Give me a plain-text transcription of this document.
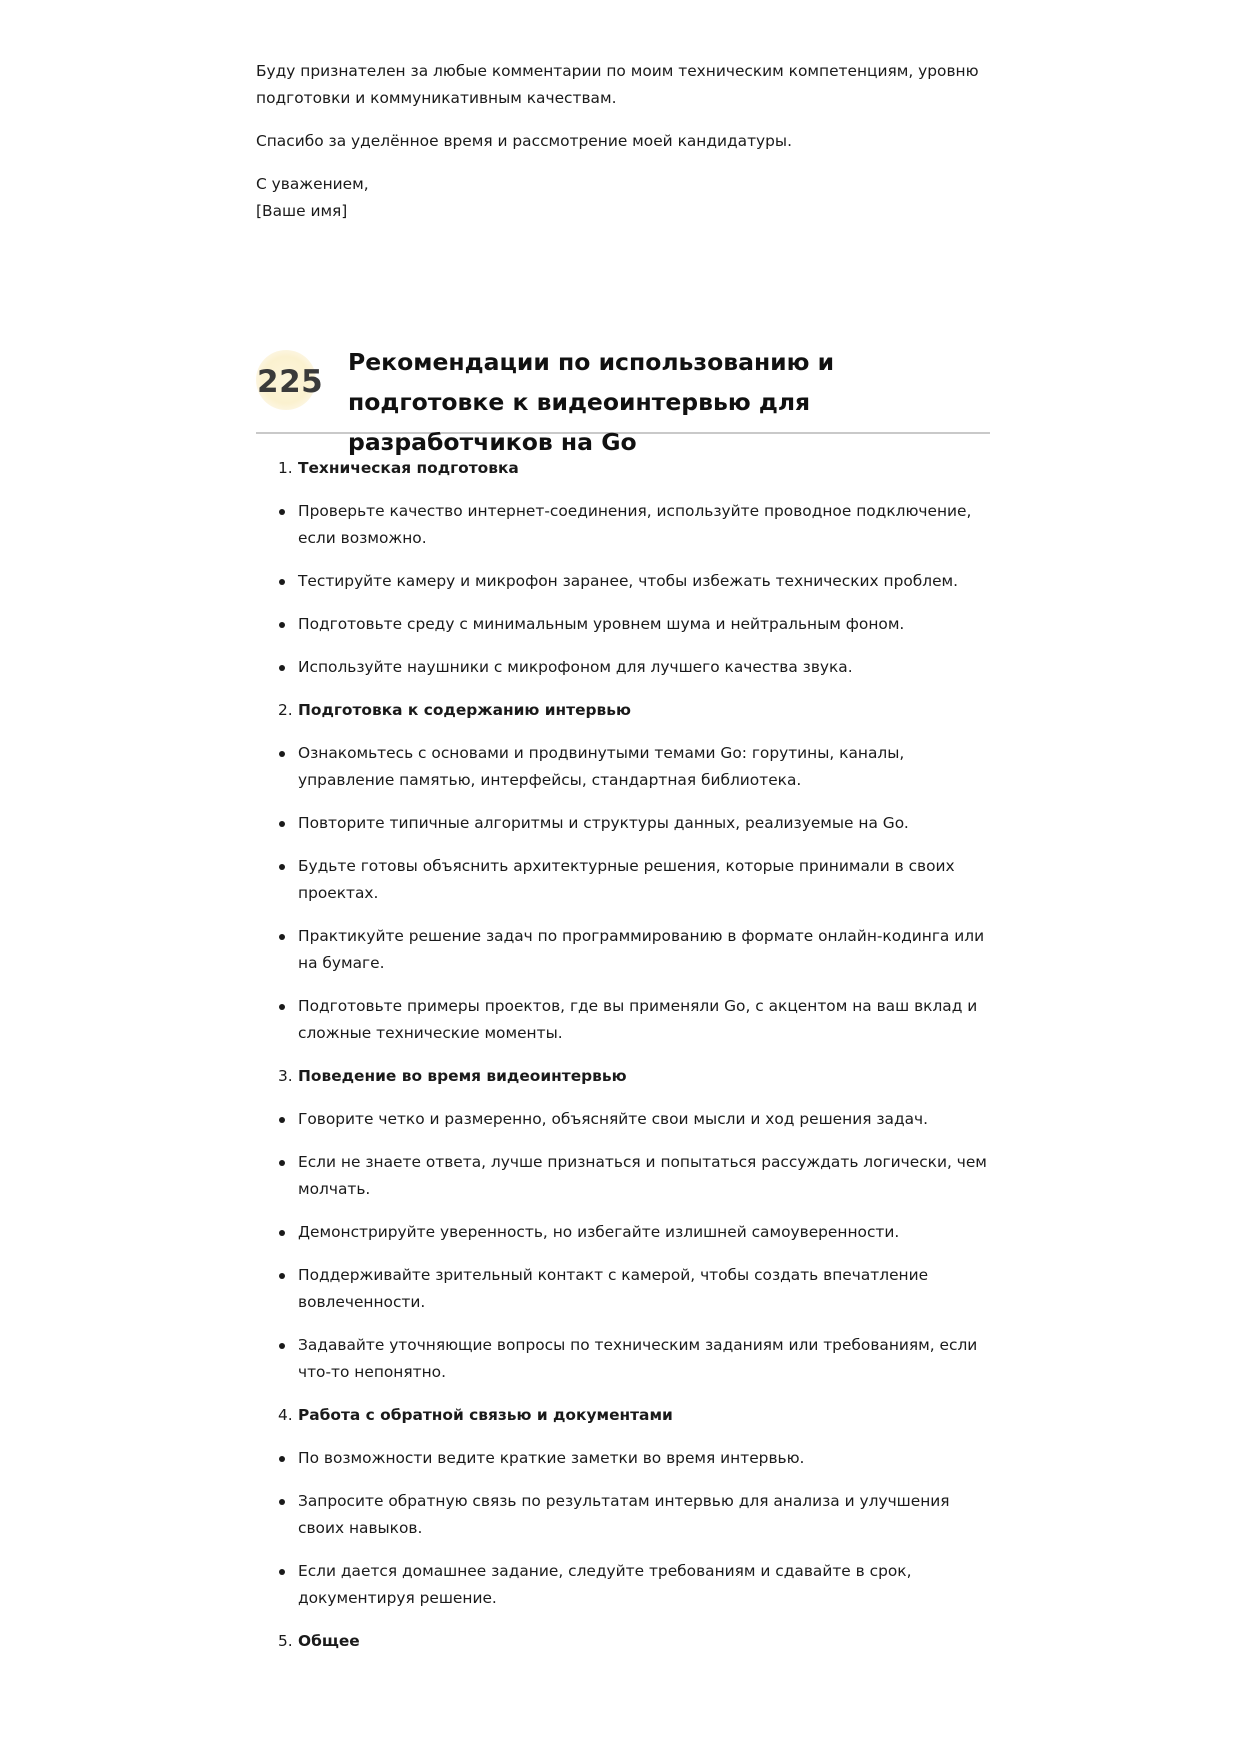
Буду признателен за любые комментарии по моим техническим компетенциям, уровню подготовки и коммуникативным качествам.

Спасибо за уделённое время и рассмотрение моей кандидатуры.

С уважением,

[Ваше имя]

225
Рекомендации по использованию и подготовке к видеоинтервью для разработчиков на Go
1. Техническая подготовка
Проверьте качество интернет-соединения, используйте проводное подключение, если возможно.
Тестируйте камеру и микрофон заранее, чтобы избежать технических проблем.
Подготовьте среду с минимальным уровнем шума и нейтральным фоном.
Используйте наушники с микрофоном для лучшего качества звука.
2. Подготовка к содержанию интервью
Ознакомьтесь с основами и продвинутыми темами Go: горутины, каналы, управление памятью, интерфейсы, стандартная библиотека.
Повторите типичные алгоритмы и структуры данных, реализуемые на Go.
Будьте готовы объяснить архитектурные решения, которые принимали в своих проектах.
Практикуйте решение задач по программированию в формате онлайн-кодинга или на бумаге.
Подготовьте примеры проектов, где вы применяли Go, с акцентом на ваш вклад и сложные технические моменты.
3. Поведение во время видеоинтервью
Говорите четко и размеренно, объясняйте свои мысли и ход решения задач.
Если не знаете ответа, лучше признаться и попытаться рассуждать логически, чем молчать.
Демонстрируйте уверенность, но избегайте излишней самоуверенности.
Поддерживайте зрительный контакт с камерой, чтобы создать впечатление вовлеченности.
Задавайте уточняющие вопросы по техническим заданиям или требованиям, если что-то непонятно.
4. Работа с обратной связью и документами
По возможности ведите краткие заметки во время интервью.
Запросите обратную связь по результатам интервью для анализа и улучшения своих навыков.
Если дается домашнее задание, следуйте требованиям и сдавайте в срок, документируя решение.
5. Общее
